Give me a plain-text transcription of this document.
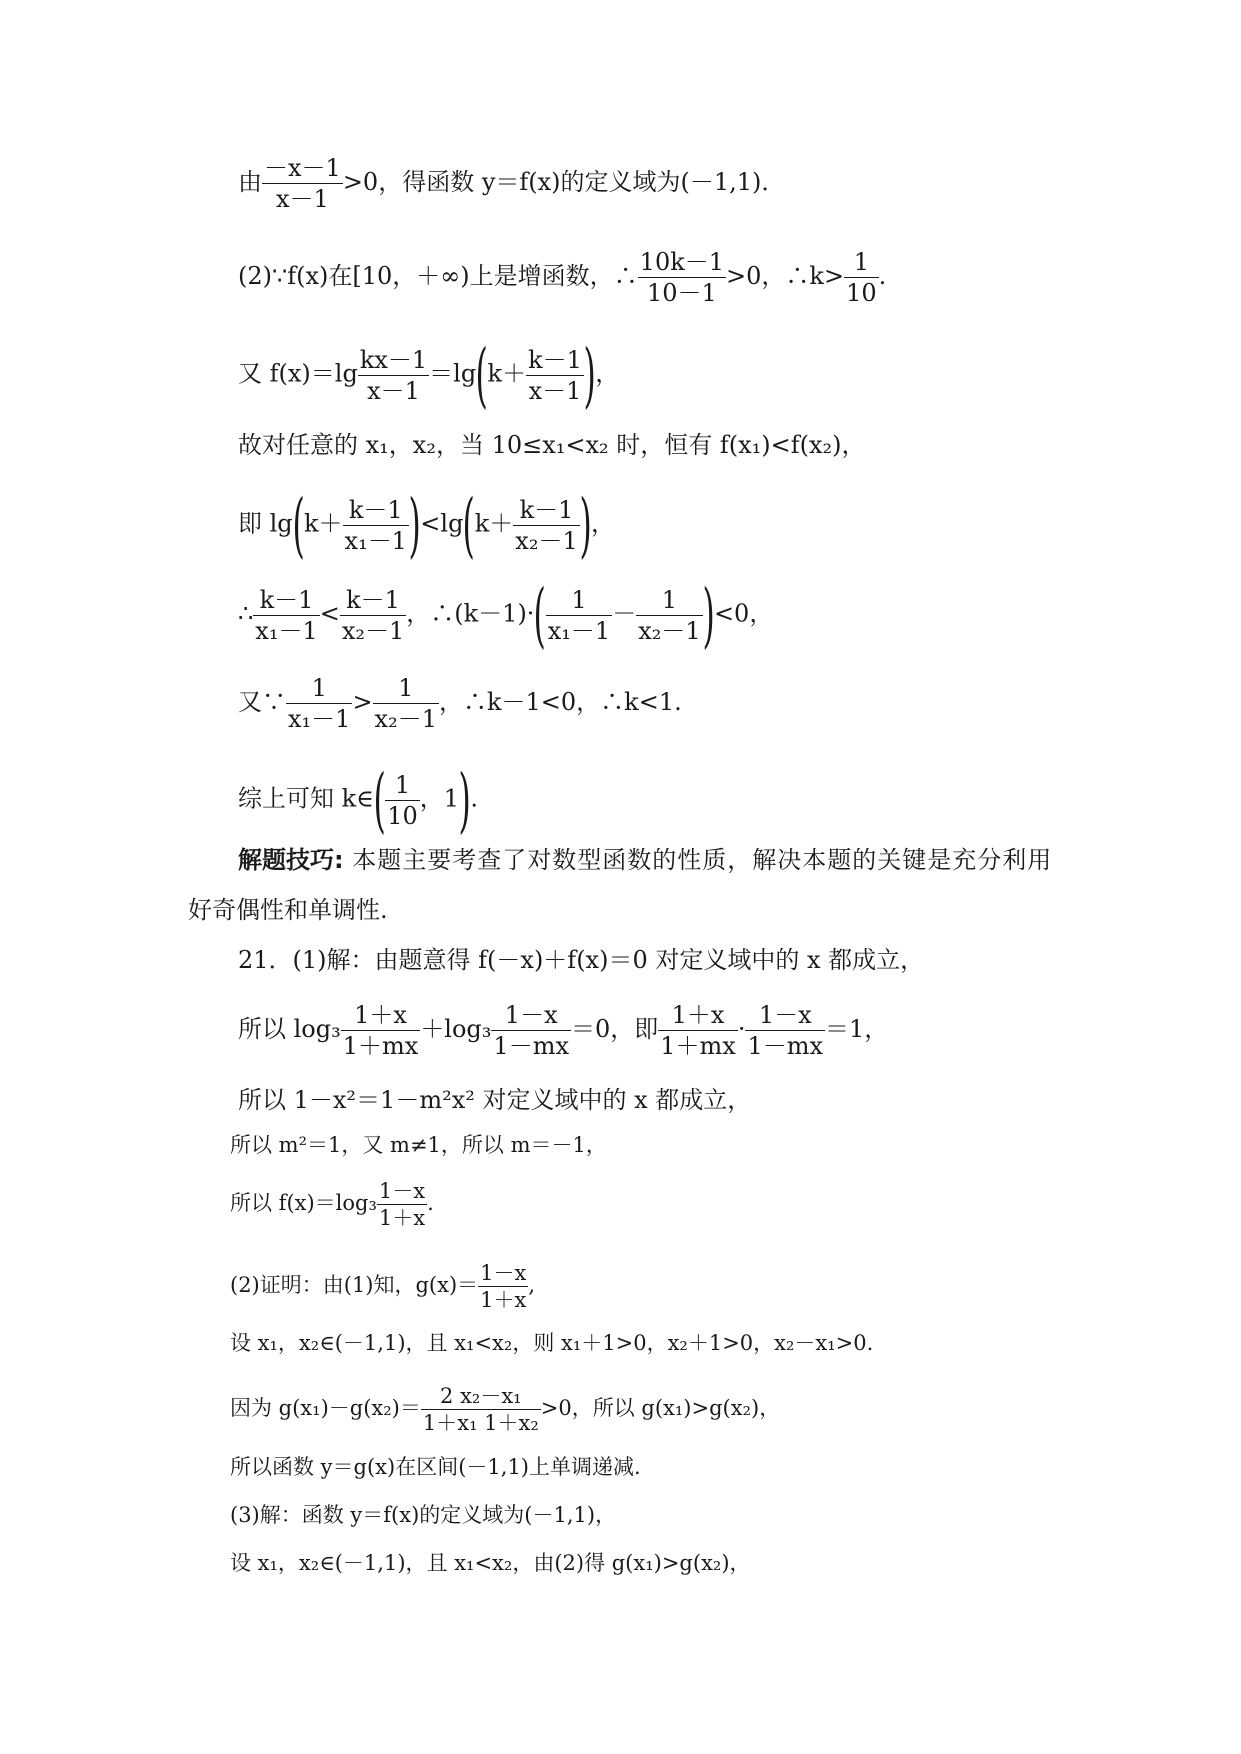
由 $\frac{-x-1}{x-1} >0$，得函数 y＝f(x)的定义域为(－1,1)．
(2)∵f(x)在[10，＋∞)上是增函数，∴ $\frac{10k-1}{10-1} >0$，∴k> $\frac{1}{10}$ .
又 $f(x)=\lg \frac{kx-1}{x-1} =\lg(k+ \frac{k-1}{x-1}$ )，
故对任意的 x₁，x₂，当 10≤x₁<x₂ 时，恒有 f(x₁)<f(x₂)，
即 $\lg(k+ \frac{k-1}{\text{x₁－1}} )<\lg(k+ \frac{k-1}{\text{x₂－1}}$ )，
∴ $\frac{k-1}{\text{x₁－1}} < \frac{k-1}{\text{x₂－1}}$ ，∴(k－1)·( $\frac{1}{\text{x₁－1}} - \frac{1}{\text{x₂－1}} )<0$，
又∵ $\frac{1}{\text{x₁－1}} > \frac{1}{\text{x₂－1}}$ ，∴k－1<0，∴k<1.
综上可知 k∈( $\frac{1}{10}$ ，1).
解题技巧: 本题主要考查了对数型函数的性质，解决本题的关键是充分利用
好奇偶性和单调性.
21．(1)解：由题意得 f(－x)＋f(x)＝0 对定义域中的 x 都成立，
所以 $\log_3 \frac{1+x}{1+mx} +\log_3 \frac{1-x}{1-mx} =0$，即 $\frac{1+x}{1+mx} \cdot \frac{1-x}{1-mx} =1$，
所以 1－x²＝1－m²x² 对定义域中的 x 都成立，
所以 m²＝1，又 m≠1，所以 m＝－1，
所以 $f(x)=\log_3 \frac{1-x}{1+x}$ .
(2)证明：由(1)知，$g(x)= \frac{1-x}{1+x}$ ,
设 x₁，x₂∈(－1,1)，且 x₁<x₂，则 x₁＋1>0，x₂＋1>0，x₂－x₁>0.
因为 $g(x_1)-g(x_2)= \frac{\text{2 x₂－x₁}}{\text{1＋x₁ 1＋x₂}} >0$，所以 g(x₁)>g(x₂)，
所以函数 y＝g(x)在区间(－1,1)上单调递减.
(3)解：函数 y＝f(x)的定义域为(－1,1)，
设 x₁，x₂∈(－1,1)，且 x₁<x₂，由(2)得 g(x₁)>g(x₂)，
